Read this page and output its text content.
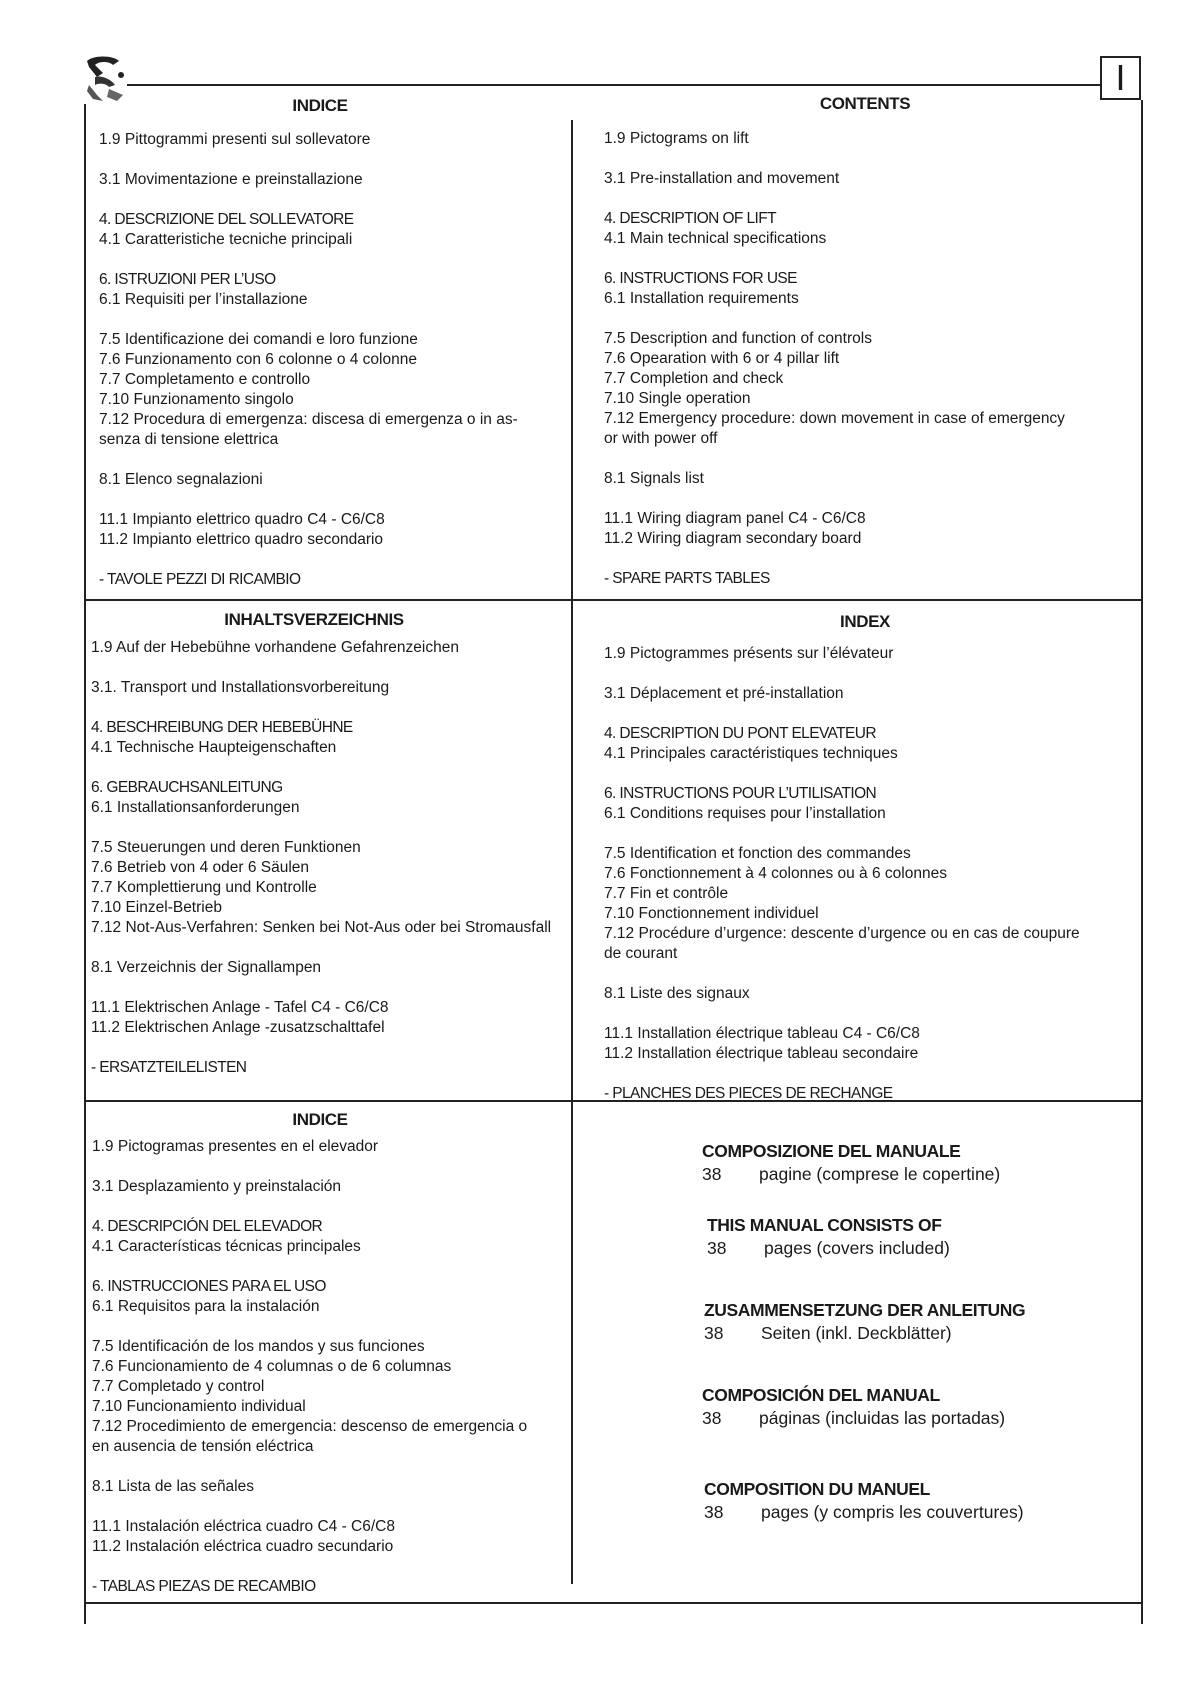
I
INDICE
1.9 Pittogrammi presenti sul sollevatore
3.1 Movimentazione e preinstallazione
4. DESCRIZIONE DEL SOLLEVATORE
4.1 Caratteristiche tecniche principali
6. ISTRUZIONI PER L’USO
6.1 Requisiti per l’installazione
7.5 Identificazione dei comandi e loro funzione
7.6 Funzionamento con 6 colonne o 4 colonne
7.7 Completamento e controllo
7.10 Funzionamento singolo
7.12 Procedura di emergenza: discesa di emergenza o in as-
senza di tensione elettrica
8.1 Elenco segnalazioni
11.1 Impianto elettrico quadro C4 - C6/C8
11.2 Impianto elettrico quadro secondario
- TAVOLE PEZZI DI RICAMBIO
CONTENTS
1.9 Pictograms on lift
3.1 Pre-installation and movement
4. DESCRIPTION OF LIFT
4.1 Main technical specifications
6. INSTRUCTIONS FOR USE
6.1 Installation requirements
7.5 Description and function of controls
7.6 Opearation with 6 or 4 pillar lift
7.7 Completion and check
7.10 Single operation
7.12 Emergency procedure: down movement in case of emergency
or with power off
8.1 Signals list
11.1 Wiring diagram panel C4 - C6/C8
11.2 Wiring diagram secondary board
- SPARE PARTS TABLES
INHALTSVERZEICHNIS
1.9 Auf der Hebebühne vorhandene Gefahrenzeichen
3.1. Transport und Installationsvorbereitung
4. BESCHREIBUNG DER HEBEBÜHNE
4.1 Technische Haupteigenschaften
6. GEBRAUCHSANLEITUNG
6.1 Installationsanforderungen
7.5 Steuerungen und deren Funktionen
7.6 Betrieb von 4 oder 6 Säulen
7.7 Komplettierung und Kontrolle
7.10 Einzel-Betrieb
7.12 Not-Aus-Verfahren: Senken bei Not-Aus oder bei Stromausfall
8.1 Verzeichnis der Signallampen
11.1 Elektrischen Anlage - Tafel C4 - C6/C8
11.2 Elektrischen Anlage -zusatzschalttafel
- ERSATZTEILELISTEN
INDEX
1.9 Pictogrammes présents sur l’élévateur
3.1 Déplacement et pré-installation
4. DESCRIPTION DU PONT ELEVATEUR
4.1 Principales caractéristiques techniques
6. INSTRUCTIONS POUR L’UTILISATION
6.1 Conditions requises pour l’installation
7.5 Identification et fonction des commandes
7.6 Fonctionnement à 4 colonnes ou à 6 colonnes
7.7 Fin et contrôle
7.10 Fonctionnement individuel
7.12 Procédure d’urgence: descente d’urgence ou en cas de coupure
de courant
8.1 Liste des signaux
11.1 Installation électrique tableau C4 - C6/C8
11.2 Installation électrique tableau secondaire
- PLANCHES DES PIECES DE RECHANGE
INDICE
1.9 Pictogramas presentes en el elevador
3.1 Desplazamiento y preinstalación
4. DESCRIPCIÓN DEL ELEVADOR
4.1 Características técnicas principales
6. INSTRUCCIONES PARA EL USO
6.1 Requisitos para la instalación
7.5 Identificación de los mandos y sus funciones
7.6 Funcionamiento de 4 columnas o de 6 columnas
7.7 Completado y control
7.10 Funcionamiento individual
7.12 Procedimiento de emergencia: descenso de emergencia o
en ausencia de tensión eléctrica
8.1 Lista de las señales
11.1 Instalación eléctrica cuadro C4 - C6/C8
11.2 Instalación eléctrica cuadro secundario
- TABLAS PIEZAS DE RECAMBIO
COMPOSIZIONE DEL MANUALE
38	pagine (comprese le copertine)
THIS MANUAL CONSISTS OF
38	pages (covers included)
ZUSAMMENSETZUNG DER ANLEITUNG
38	Seiten (inkl. Deckblätter)
COMPOSICIÓN DEL MANUAL
38	páginas (incluidas las portadas)
COMPOSITION DU MANUEL
38	pages (y compris les couvertures)
